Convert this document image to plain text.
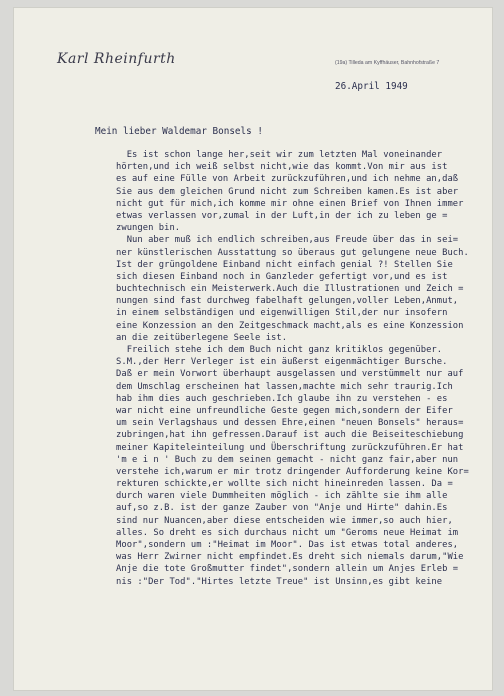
Karl Rheinfurth	(19a) Tilleda am Kyffhäuser, Bahnhofstraße 7
26.April 1949
Mein lieber Waldemar Bonsels !
Es ist schon lange her,seit wir zum letzten Mal voneinander
hörten,und ich weiß selbst nicht,wie das kommt.Von mir aus ist
es auf eine Fülle von Arbeit zurückzuführen,und ich nehme an,daß
Sie aus dem gleichen Grund nicht zum Schreiben kamen.Es ist aber
nicht gut für mich,ich komme mir ohne einen Brief von Ihnen immer
etwas verlassen vor,zumal in der Luft,in der ich zu leben ge =
zwungen bin.
Nun aber muß ich endlich schreiben,aus Freude über das in sei=
ner künstlerischen Ausstattung so überaus gut gelungene neue Buch.
Ist der grüngoldene Einband nicht einfach genial ?! Stellen Sie
sich diesen Einband noch in Ganzleder gefertigt vor,und es ist
buchtechnisch ein Meisterwerk.Auch die Illustrationen und Zeich =
nungen sind fast durchweg fabelhaft gelungen,voller Leben,Anmut,
in einem selbständigen und eigenwilligen Stil,der nur insofern
eine Konzession an den Zeitgeschmack macht,als es eine Konzession
an die zeitüberlegene Seele ist.
Freilich stehe ich dem Buch nicht ganz kritiklos gegenüber.
S.M.,der Herr Verleger ist ein äußerst eigenmächtiger Bursche.
Daß er mein Vorwort überhaupt ausgelassen und verstümmelt nur auf
dem Umschlag erscheinen hat lassen,machte mich sehr traurig.Ich
hab ihm dies auch geschrieben.Ich glaube ihn zu verstehen - es
war nicht eine unfreundliche Geste gegen mich,sondern der Eifer
um sein Verlagshaus und dessen Ehre,einen "neuen Bonsels" heraus=
zubringen,hat ihn gefressen.Darauf ist auch die Beiseiteschiebung
meiner Kapiteleinteilung und Überschriftung zurückzuführen.Er hat
'm e i n ' Buch zu dem seinen gemacht - nicht ganz fair,aber nun
verstehe ich,warum er mir trotz dringender Aufforderung keine Kor=
rekturen schickte,er wollte sich nicht hineinreden lassen. Da =
durch waren viele Dummheiten möglich - ich zählte sie ihm alle
auf,so z.B. ist der ganze Zauber von "Anje und Hirte" dahin.Es
sind nur Nuancen,aber diese entscheiden wie immer,so auch hier,
alles. So dreht es sich durchaus nicht um "Geroms neue Heimat im
Moor",sondern um :"Heimat im Moor". Das ist etwas total anderes,
was Herr Zwirner nicht empfindet.Es dreht sich niemals darum,"Wie
Anje die tote Großmutter findet",sondern allein um Anjes Erleb =
nis :"Der Tod"."Hirtes letzte Treue" ist Unsinn,es gibt keine
